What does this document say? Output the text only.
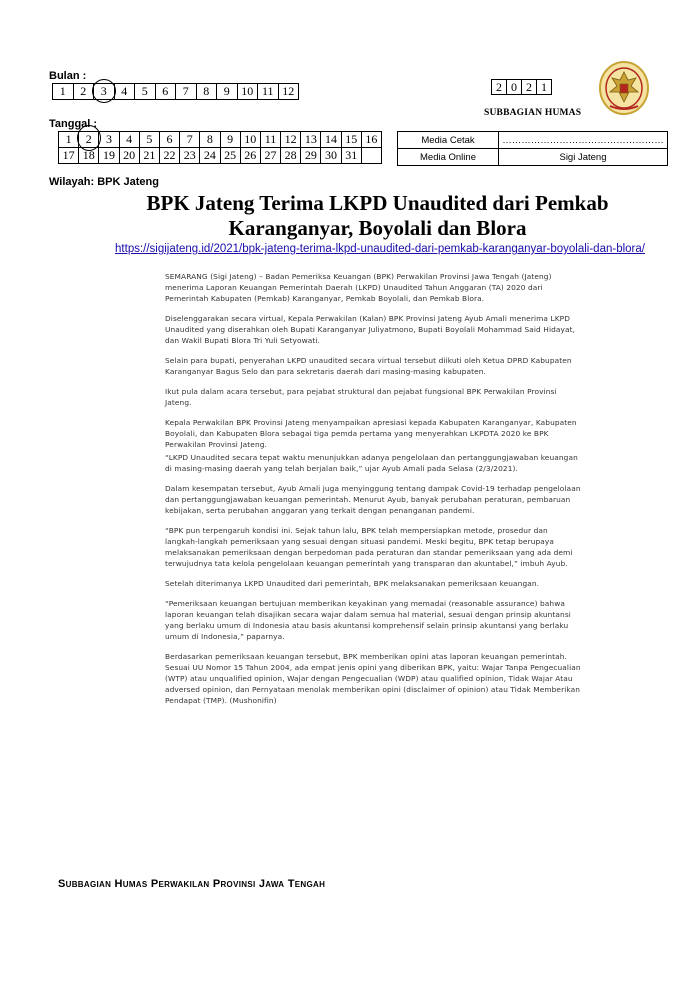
Bulan :
1	2	3	4	5	6	7	8	9	10	11	12
Tanggal :
1	2	3	4	5	6	7	8	9	10	11	12	13	14	15	16
17	18	19	20	21	22	23	24	25	26	27	28	29	30	31	
2	0	2	1
SUBBAGIAN HUMAS
Media Cetak	……………………………………………
Media Online	Sigi Jateng
Wilayah: BPK Jateng
BPK Jateng Terima LKPD Unaudited dari Pemkab
Karanganyar, Boyolali dan Blora
https://sigijateng.id/2021/bpk-jateng-terima-lkpd-unaudited-dari-pemkab-karanganyar-boyolali-dan-blora/

SEMARANG (Sigi Jateng) – Badan Pemeriksa Keuangan (BPK) Perwakilan Provinsi Jawa Tengah (Jateng) menerima Laporan Keuangan Pemerintah Daerah (LKPD) Unaudited Tahun Anggaran (TA) 2020 dari Pemerintah Kabupaten (Pemkab) Karanganyar, Pemkab Boyolali, dan Pemkab Blora.

Diselenggarakan secara virtual, Kepala Perwakilan (Kalan) BPK Provinsi Jateng Ayub Amali menerima LKPD Unaudited yang diserahkan oleh Bupati Karanganyar Juliyatmono, Bupati Boyolali Mohammad Said Hidayat, dan Wakil Bupati Blora Tri Yuli Setyowati.

Selain para bupati, penyerahan LKPD unaudited secara virtual tersebut diikuti oleh Ketua DPRD Kabupaten Karanganyar Bagus Selo dan para sekretaris daerah dari masing-masing kabupaten.

Ikut pula dalam acara tersebut, para pejabat struktural dan pejabat fungsional BPK Perwakilan Provinsi Jateng.

Kepala Perwakilan BPK Provinsi Jateng menyampaikan apresiasi kepada Kabupaten Karanganyar, Kabupaten Boyolali, dan Kabupaten Blora sebagai tiga pemda pertama yang menyerahkan LKPDTA 2020 ke BPK Perwakilan Provinsi Jateng.

“LKPD Unaudited secara tepat waktu menunjukkan adanya pengelolaan dan pertanggungjawaban keuangan di masing-masing daerah yang telah berjalan baik,” ujar Ayub Amali pada Selasa (2/3/2021).

Dalam kesempatan tersebut, Ayub Amali juga menyinggung tentang dampak Covid-19 terhadap pengelolaan dan pertanggungjawaban keuangan pemerintah. Menurut Ayub, banyak perubahan peraturan, pembaruan kebijakan, serta perubahan anggaran yang terkait dengan penanganan pandemi.

“BPK pun terpengaruh kondisi ini. Sejak tahun lalu, BPK telah mempersiapkan metode, prosedur dan langkah-langkah pemeriksaan yang sesuai dengan situasi pandemi. Meski begitu, BPK tetap berupaya melaksanakan pemeriksaan dengan berpedoman pada peraturan dan standar pemeriksaan yang ada demi terwujudnya tata kelola pengelolaan keuangan pemerintah yang transparan dan akuntabel,” imbuh Ayub.

Setelah diterimanya LKPD Unaudited dari pemerintah, BPK melaksanakan pemeriksaan keuangan.

“Pemeriksaan keuangan bertujuan memberikan keyakinan yang memadai (reasonable assurance) bahwa laporan keuangan telah disajikan secara wajar dalam semua hal material, sesuai dengan prinsip akuntansi yang berlaku umum di Indonesia atau basis akuntansi komprehensif selain prinsip akuntansi yang berlaku umum di Indonesia,” paparnya.

Berdasarkan pemeriksaan keuangan tersebut, BPK memberikan opini atas laporan keuangan pemerintah. Sesuai UU Nomor 15 Tahun 2004, ada empat jenis opini yang diberikan BPK, yaitu: Wajar Tanpa Pengecualian (WTP) atau unqualified opinion, Wajar dengan Pengecualian (WDP) atau qualified opinion, Tidak Wajar Atau adversed opinion, dan Pernyataan menolak memberikan opini (disclaimer of opinion) atau Tidak Memberikan Pendapat (TMP). (Mushonifin)

Subbagian Humas Perwakilan Provinsi Jawa Tengah
